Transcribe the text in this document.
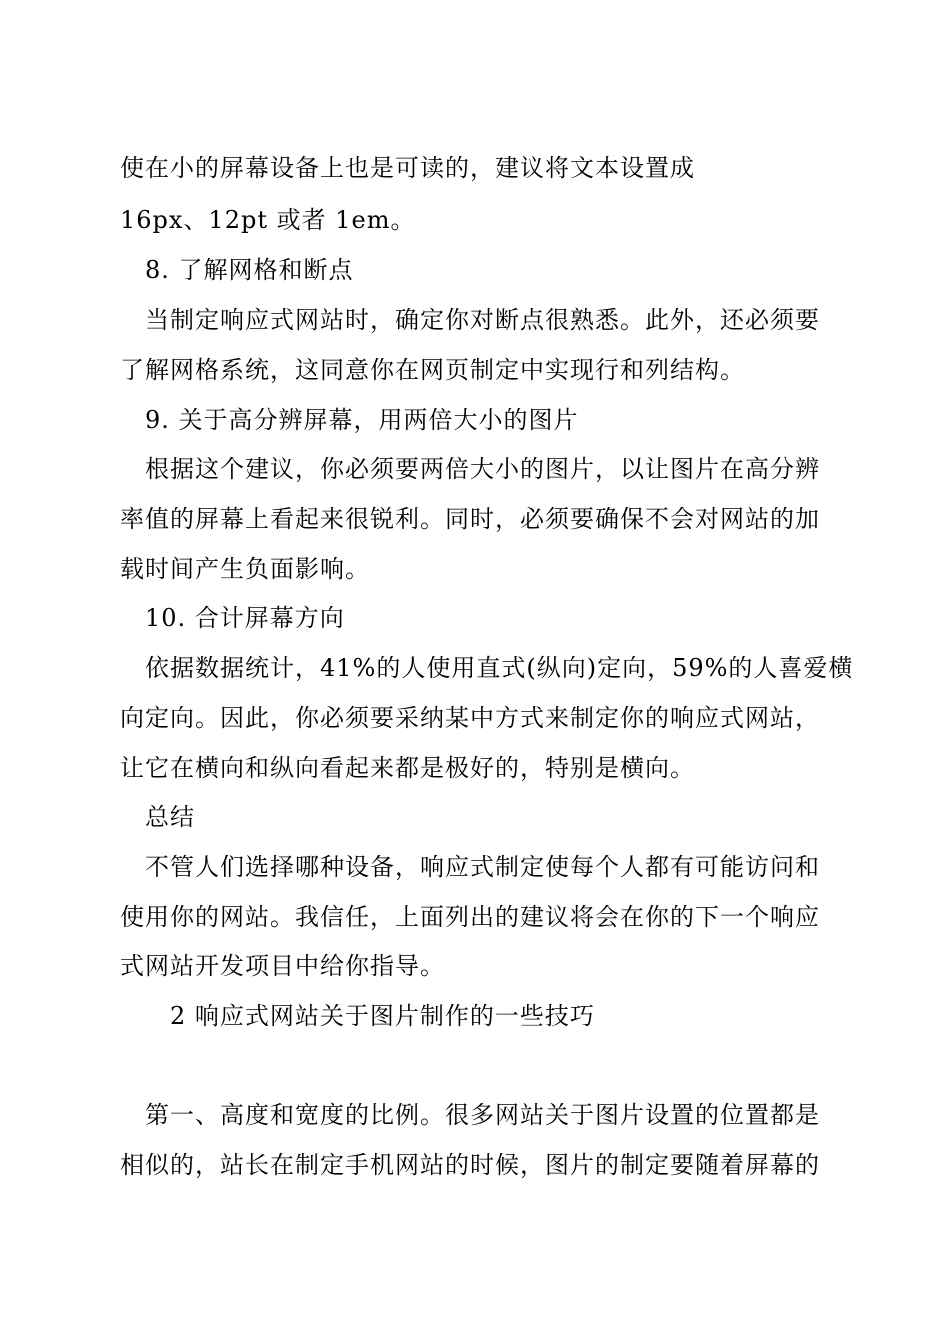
使在小的屏幕设备上也是可读的，建议将文本设置成
16px、12pt 或者 1em。
8. 了解网格和断点
当制定响应式网站时，确定你对断点很熟悉。此外，还必须要
了解网格系统，这同意你在网页制定中实现行和列结构。
9. 关于高分辨屏幕，用两倍大小的图片
根据这个建议，你必须要两倍大小的图片，以让图片在高分辨
率值的屏幕上看起来很锐利。同时，必须要确保不会对网站的加
载时间产生负面影响。
10. 合计屏幕方向
依据数据统计，41%的人使用直式(纵向)定向，59%的人喜爱横
向定向。因此，你必须要采纳某中方式来制定你的响应式网站，
让它在横向和纵向看起来都是极好的，特别是横向。
总结
不管人们选择哪种设备，响应式制定使每个人都有可能访问和
使用你的网站。我信任，上面列出的建议将会在你的下一个响应
式网站开发项目中给你指导。
2 响应式网站关于图片制作的一些技巧
第一、高度和宽度的比例。很多网站关于图片设置的位置都是
相似的，站长在制定手机网站的时候，图片的制定要随着屏幕的
